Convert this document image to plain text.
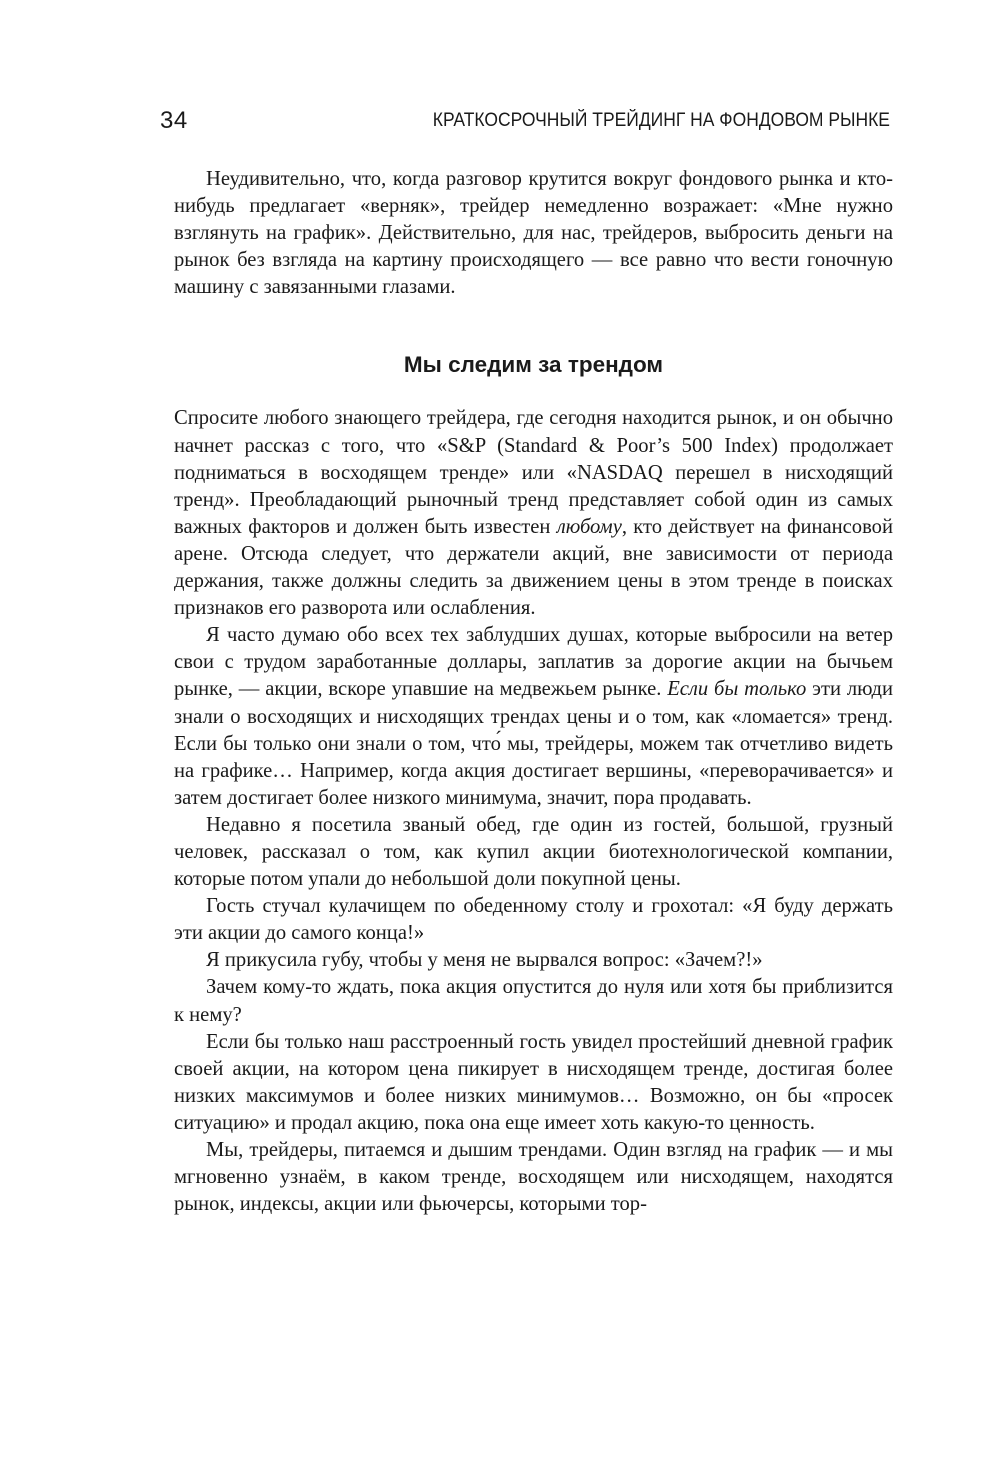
34	КРАТКОСРОЧНЫЙ ТРЕЙДИНГ НА ФОНДОВОМ РЫНКЕ

Неудивительно, что, когда разговор крутится вокруг фондового рынка и кто-нибудь предлагает «верняк», трейдер немедленно возражает: «Мне нужно взглянуть на график». Действительно, для нас, трейдеров, выбросить деньги на рынок без взгляда на картину происходящего — все равно что вести гоночную машину с завязанными глазами.

Мы следим за трендом

Спросите любого знающего трейдера, где сегодня находится рынок, и он обычно начнет рассказ с того, что «S&P (Standard & Poor’s 500 Index) продолжает подниматься в восходящем тренде» или «NASDAQ перешел в нисходящий тренд». Преобладающий рыночный тренд представляет собой один из самых важных факторов и должен быть известен любому, кто действует на финансовой арене. Отсюда следует, что держатели акций, вне зависимости от периода держания, также должны следить за движением цены в этом тренде в поисках признаков его разворота или ослабления.

Я часто думаю обо всех тех заблудших душах, которые выбросили на ветер свои с трудом заработанные доллары, заплатив за дорогие акции на бычьем рынке, — акции, вскоре упавшие на медвежьем рынке. Если бы только эти люди знали о восходящих и нисходящих трендах цены и о том, как «ломается» тренд. Если бы только они знали о том, что́ мы, трейдеры, можем так отчетливо видеть на графике… Например, когда акция достигает вершины, «переворачивается» и затем достигает более низкого минимума, значит, пора продавать.

Недавно я посетила званый обед, где один из гостей, большой, грузный человек, рассказал о том, как купил акции биотехнологической компании, которые потом упали до небольшой доли покупной цены.

Гость стучал кулачищем по обеденному столу и грохотал: «Я буду держать эти акции до самого конца!»

Я прикусила губу, чтобы у меня не вырвался вопрос: «Зачем?!»

Зачем кому-то ждать, пока акция опустится до нуля или хотя бы приблизится к нему?

Если бы только наш расстроенный гость увидел простейший дневной график своей акции, на котором цена пикирует в нисходящем тренде, достигая более низких максимумов и более низких минимумов… Возможно, он бы «просек ситуацию» и продал акцию, пока она еще имеет хоть какую-то ценность.

Мы, трейдеры, питаемся и дышим трендами. Один взгляд на график — и мы мгновенно узнаём, в каком тренде, восходящем или нисходящем, находятся рынок, индексы, акции или фьючерсы, которыми тор-
